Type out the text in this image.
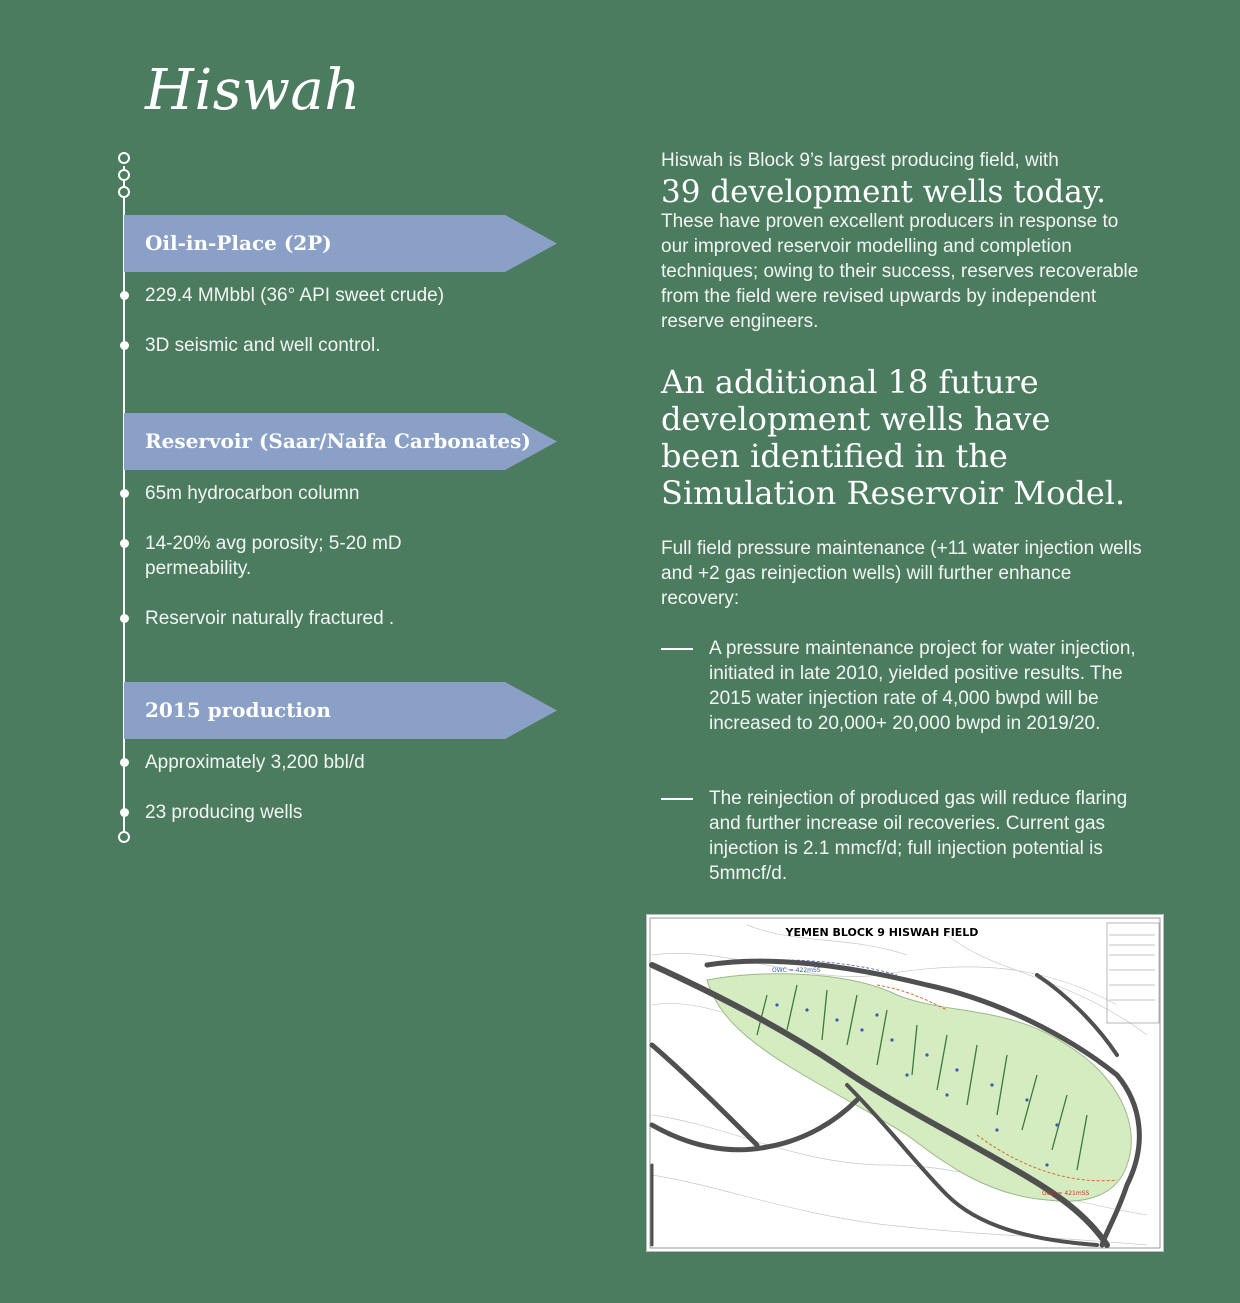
Hiswah
Oil-in-Place (2P)
229.4 MMbbl (36° API sweet crude)
3D seismic and well control.
Reservoir (Saar/Naifa Carbonates)
65m hydrocarbon column
14-20% avg porosity; 5-20 mD permeability.
Reservoir naturally fractured .
2015 production
Approximately 3,200 bbl/d
23 producing wells
Hiswah is Block 9’s largest producing field, with
39 development wells today.
These have proven excellent producers in response to our improved reservoir modelling and completion techniques; owing to their success, reserves recoverable from the field were revised upwards by independent reserve engineers.
An additional 18 future development wells have been identified in the Simulation Reservoir Model.
Full field pressure maintenance (+11 water injection wells and +2 gas reinjection wells) will further enhance recovery:
A pressure maintenance project for water injection, initiated in late 2010, yielded positive results. The 2015 water injection rate of 4,000 bwpd will be increased to 20,000+ 20,000 bwpd in 2019/20.
The reinjection of produced gas will reduce flaring and further increase oil recoveries. Current gas injection is 2.1 mmcf/d; full injection potential is 5mmcf/d.
YEMEN BLOCK 9 HISWAH FIELD
OWC = 422mSS
GOC = 421mSS
